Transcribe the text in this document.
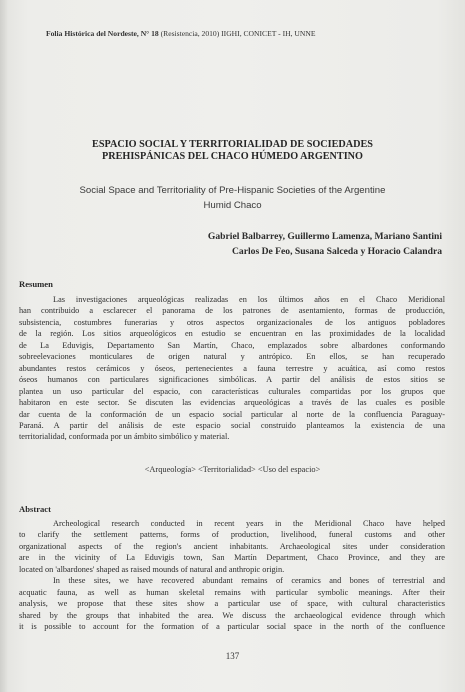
Folia Histórica del Nordeste, N° 18 (Resistencia, 2010) IIGHI, CONICET - IH, UNNE
ESPACIO SOCIAL Y TERRITORIALIDAD DE SOCIEDADES
PREHISPÁNICAS DEL CHACO HÚMEDO ARGENTINO
Social Space and Territoriality of Pre-Hispanic Societies of the Argentine
Humid Chaco
Gabriel Balbarrey, Guillermo Lamenza, Mariano Santini
Carlos De Feo, Susana Salceda y Horacio Calandra
Resumen
Las investigaciones arqueológicas realizadas en los últimos años en el Chaco Meridional
han contribuido a esclarecer el panorama de los patrones de asentamiento, formas de producción,
subsistencia, costumbres funerarias y otros aspectos organizacionales de los antiguos pobladores
de la región. Los sitios arqueológicos en estudio se encuentran en las proximidades de la localidad
de La Eduvigis, Departamento San Martín, Chaco, emplazados sobre albardones conformando
sobreelevaciones monticulares de origen natural y antrópico. En ellos, se han recuperado
abundantes restos cerámicos y óseos, pertenecientes a fauna terrestre y acuática, así como restos
óseos humanos con particulares significaciones simbólicas. A partir del análisis de estos sitios se
plantea un uso particular del espacio, con características culturales compartidas por los grupos que
habitaron en este sector. Se discuten las evidencias arqueológicas a través de las cuales es posible
dar cuenta de la conformación de un espacio social particular al norte de la confluencia Paraguay-
Paraná. A partir del análisis de este espacio social construido planteamos la existencia de una
territorialidad, conformada por un ámbito simbólico y material.
<Arqueología> <Territorialidad> <Uso del espacio>
Abstract
Archeological research conducted in recent years in the Meridional Chaco have helped
to clarify the settlement patterns, forms of production, livelihood, funeral customs and other
organizational aspects of the region's ancient inhabitants. Archaeological sites under consideration
are in the vicinity of La Eduvigis town, San Martín Department, Chaco Province, and they are
located on 'albardones' shaped as raised mounds of natural and anthropic origin.
In these sites, we have recovered abundant remains of ceramics and bones of terrestrial and
acquatic fauna, as well as human skeletal remains with particular symbolic meanings. After their
analysis, we propose that these sites show a particular use of space, with cultural characteristics
shared by the groups that inhabited the area. We discuss the archaeological evidence through which
it is possible to account for the formation of a particular social space in the north of the confluence
137
